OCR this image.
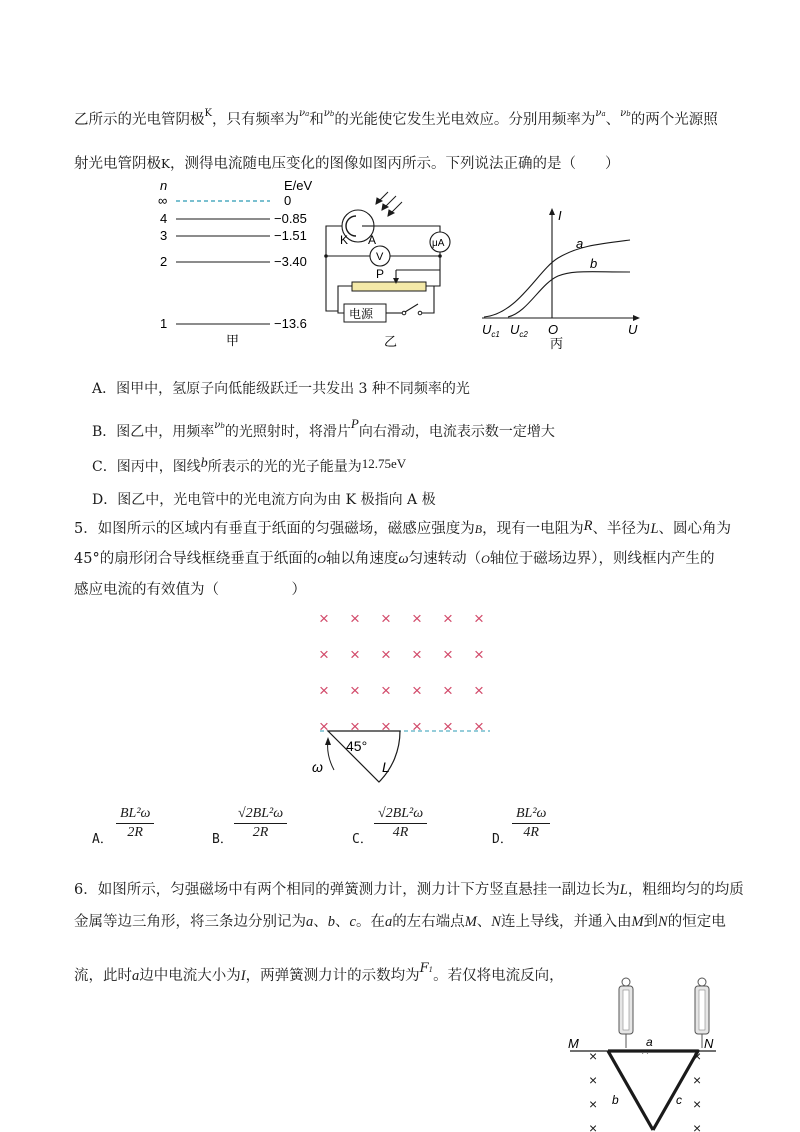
乙所示的光电管阴极$^K$，只有频率为$^{\nu a}$和$^{\nu b}$的光能使它发生光电效应。分别用频率为$^{\nu a}$、$^{\nu b}$的两个光源照
射光电管阴极K，测得电流随电压变化的图像如图丙所示。下列说法正确的是（　　）
n	E/eV
∞	0
4	−0.85
3	−1.51
2	−3.40
1	−13.6
甲
K A	μA
V
P
电源
乙
I
U
O
a
b
$U_{c1}$ $U_{c2}$
丙
A．图甲中，氢原子向低能级跃迁一共发出 3 种不同频率的光
B．图乙中，用频率$^{\nu b}$的光照射时，将滑片P向右滑动，电流表示数一定增大
C．图丙中，图线b所表示的光的光子能量为12.75eV
D．图乙中，光电管中的光电流方向为由 K 极指向 A 极
5．如图所示的区域内有垂直于纸面的匀强磁场，磁感应强度为B，现有一电阻为R、半径为L、圆心角为
45°的扇形闭合导线框绕垂直于纸面的O轴以角速度ω匀速转动（O轴位于磁场边界），则线框内产生的
感应电流的有效值为（　　　　　）
× × × × × ×
× × × × × ×
× × × × × ×
× × × × × ×
45°
L
ω
A． $\frac{\text{BL²ω}}{2R}$	B． $\frac{\text{√2BL²ω}}{2R}$	C． $\frac{\text{√2BL²ω}}{4R}$	D． $\frac{\text{BL²ω}}{4R}$
6．如图所示，匀强磁场中有两个相同的弹簧测力计，测力计下方竖直悬挂一副边长为L，粗细均匀的均质
金属等边三角形，将三条边分别记为a、b、c。在a的左右端点M、N连上导线，并通入由M到N的恒定电
流，此时a边中电流大小为I，两弹簧测力计的示数均为F1。若仅将电流反向，
×	×
×	×
×	×
×	×
M	N
a
b	c
